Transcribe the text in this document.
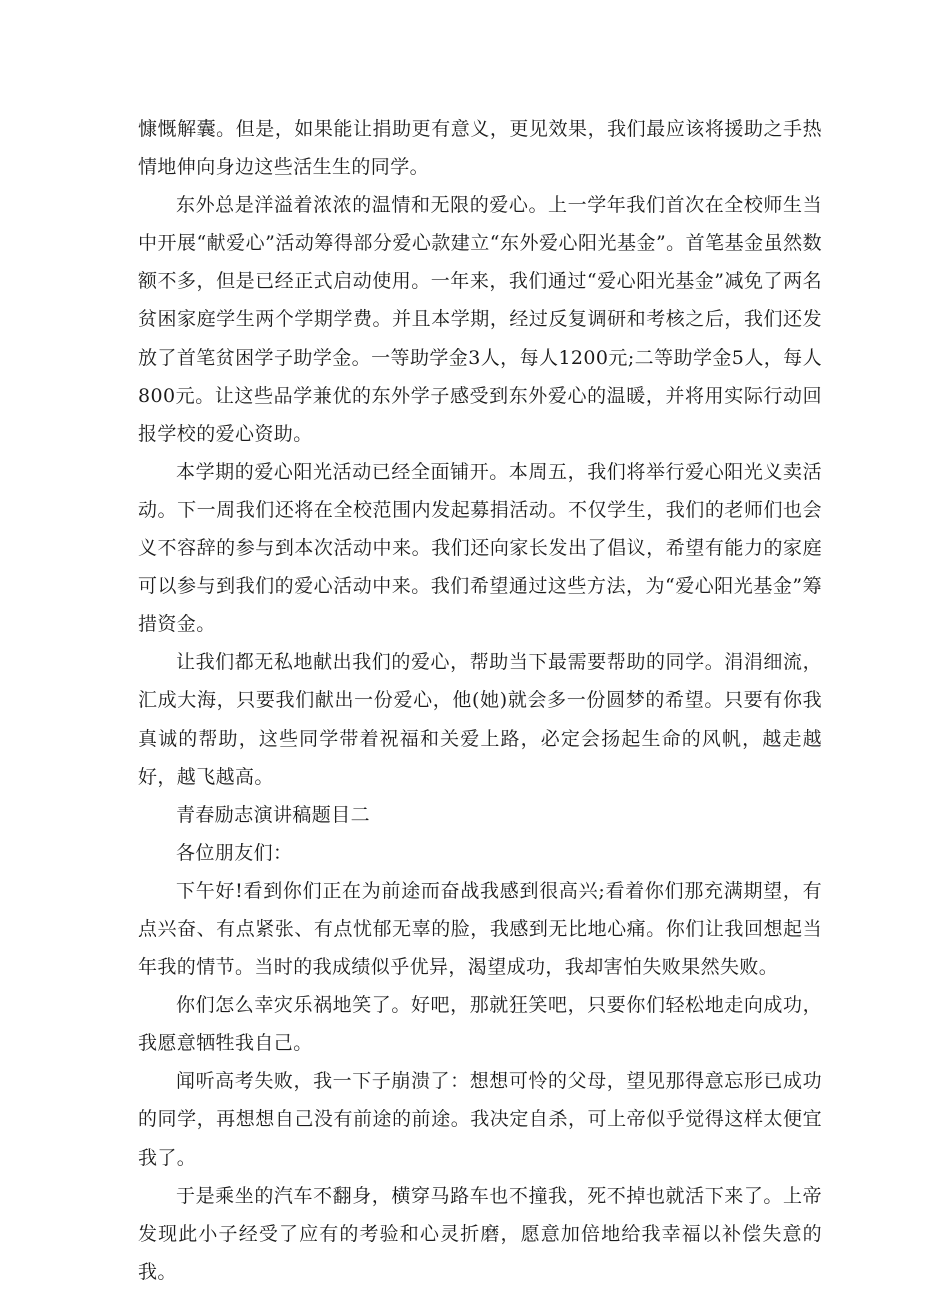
慷慨解囊。但是，如果能让捐助更有意义，更见效果，我们最应该将援助之手热情地伸向身边这些活生生的同学。

东外总是洋溢着浓浓的温情和无限的爱心。上一学年我们首次在全校师生当中开展“献爱心”活动筹得部分爱心款建立“东外爱心阳光基金”。首笔基金虽然数额不多，但是已经正式启动使用。一年来，我们通过“爱心阳光基金”减免了两名贫困家庭学生两个学期学费。并且本学期，经过反复调研和考核之后，我们还发放了首笔贫困学子助学金。一等助学金3人，每人1200元;二等助学金5人，每人800元。让这些品学兼优的东外学子感受到东外爱心的温暖，并将用实际行动回报学校的爱心资助。

本学期的爱心阳光活动已经全面铺开。本周五，我们将举行爱心阳光义卖活动。下一周我们还将在全校范围内发起募捐活动。不仅学生，我们的老师们也会义不容辞的参与到本次活动中来。我们还向家长发出了倡议，希望有能力的家庭可以参与到我们的爱心活动中来。我们希望通过这些方法，为“爱心阳光基金”筹措资金。

让我们都无私地献出我们的爱心，帮助当下最需要帮助的同学。涓涓细流，汇成大海，只要我们献出一份爱心，他(她)就会多一份圆梦的希望。只要有你我真诚的帮助，这些同学带着祝福和关爱上路，必定会扬起生命的风帆，越走越好，越飞越高。

青春励志演讲稿题目二

各位朋友们：

下午好!看到你们正在为前途而奋战我感到很高兴;看着你们那充满期望，有点兴奋、有点紧张、有点忧郁无辜的脸，我感到无比地心痛。你们让我回想起当年我的情节。当时的我成绩似乎优异，渴望成功，我却害怕失败果然失败。

你们怎么幸灾乐祸地笑了。好吧，那就狂笑吧，只要你们轻松地走向成功，我愿意牺牲我自己。

闻听高考失败，我一下子崩溃了：想想可怜的父母，望见那得意忘形已成功的同学，再想想自己没有前途的前途。我决定自杀，可上帝似乎觉得这样太便宜我了。

于是乘坐的汽车不翻身，横穿马路车也不撞我，死不掉也就活下来了。上帝发现此小子经受了应有的考验和心灵折磨，愿意加倍地给我幸福以补偿失意的我。
